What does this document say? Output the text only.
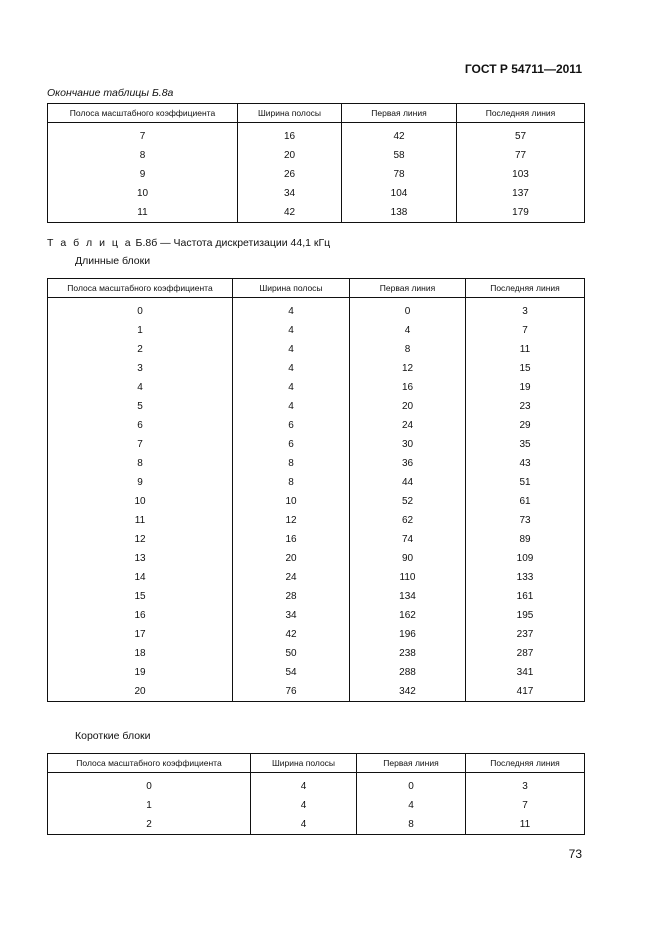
ГОСТ Р 54711—2011
Окончание таблицы Б.8а
Полоса масштабного коэффициента	Ширина полосы	Первая линия	Последняя линия
7	16	42	57
8	20	58	77
9	26	78	103
10	34	104	137
11	42	138	179
Т а б л и ц а Б.8б — Частота дискретизации 44,1 кГц
Длинные блоки
Полоса масштабного коэффициента	Ширина полосы	Первая линия	Последняя линия
0	4	0	3
1	4	4	7
2	4	8	11
3	4	12	15
4	4	16	19
5	4	20	23
6	6	24	29
7	6	30	35
8	8	36	43
9	8	44	51
10	10	52	61
11	12	62	73
12	16	74	89
13	20	90	109
14	24	110	133
15	28	134	161
16	34	162	195
17	42	196	237
18	50	238	287
19	54	288	341
20	76	342	417
Короткие блоки
Полоса масштабного коэффициента	Ширина полосы	Первая линия	Последняя линия
0	4	0	3
1	4	4	7
2	4	8	11
73
